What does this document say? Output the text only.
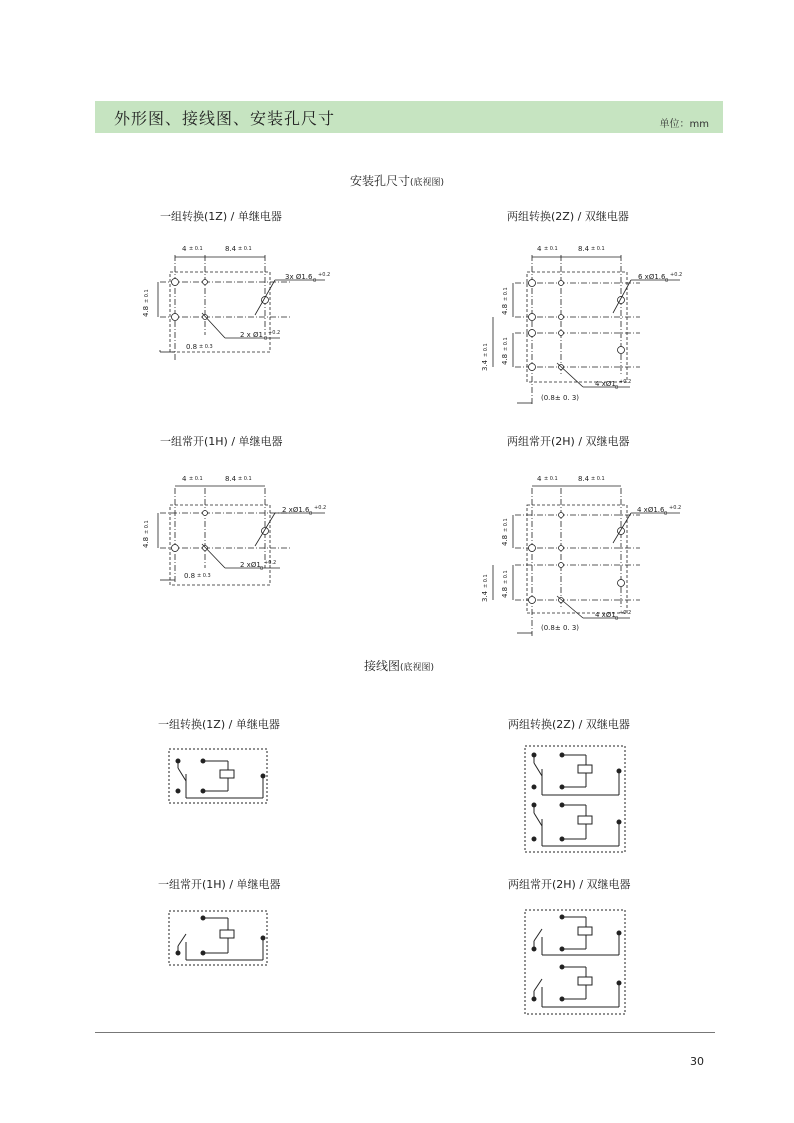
外形图、接线图、安装孔尺寸	单位：mm
安装孔尺寸(底视图)
一组转换(1Z) / 单继电器	两组转换(2Z) / 双继电器
一组常开(1H) / 单继电器	两组常开(2H) / 双继电器
4 ± 0.1	8.4 ± 0.1
4.8
± 0.1
3x Ø1.6 +0.2
0
2 x Ø1 +0.2
0
0.8 ± 0.3
4 ± 0.1	8.4 ± 0.1
4.8
± 0.1
4.8
± 0.1
3.4
± 0.1
6 xØ1.6 +0.2
0
4 xØ1 +0.2
0
(0.8± 0. 3)
4 ± 0.1	8.4 ± 0.1
4.8
± 0.1
2 xØ1.6 +0.2
0
2 xØ1 +0.2
0
0.8 ± 0.3
4 ± 0.1	8.4 ± 0.1
4.8
± 0.1
4.8
± 0.1
3.4
± 0.1
4 xØ1.6 +0.2
0
4 xØ1 +0.2
0
(0.8± 0. 3)
接线图(底视图)
一组转换(1Z) / 单继电器	两组转换(2Z) / 双继电器
一组常开(1H) / 单继电器	两组常开(2H) / 双继电器
30
